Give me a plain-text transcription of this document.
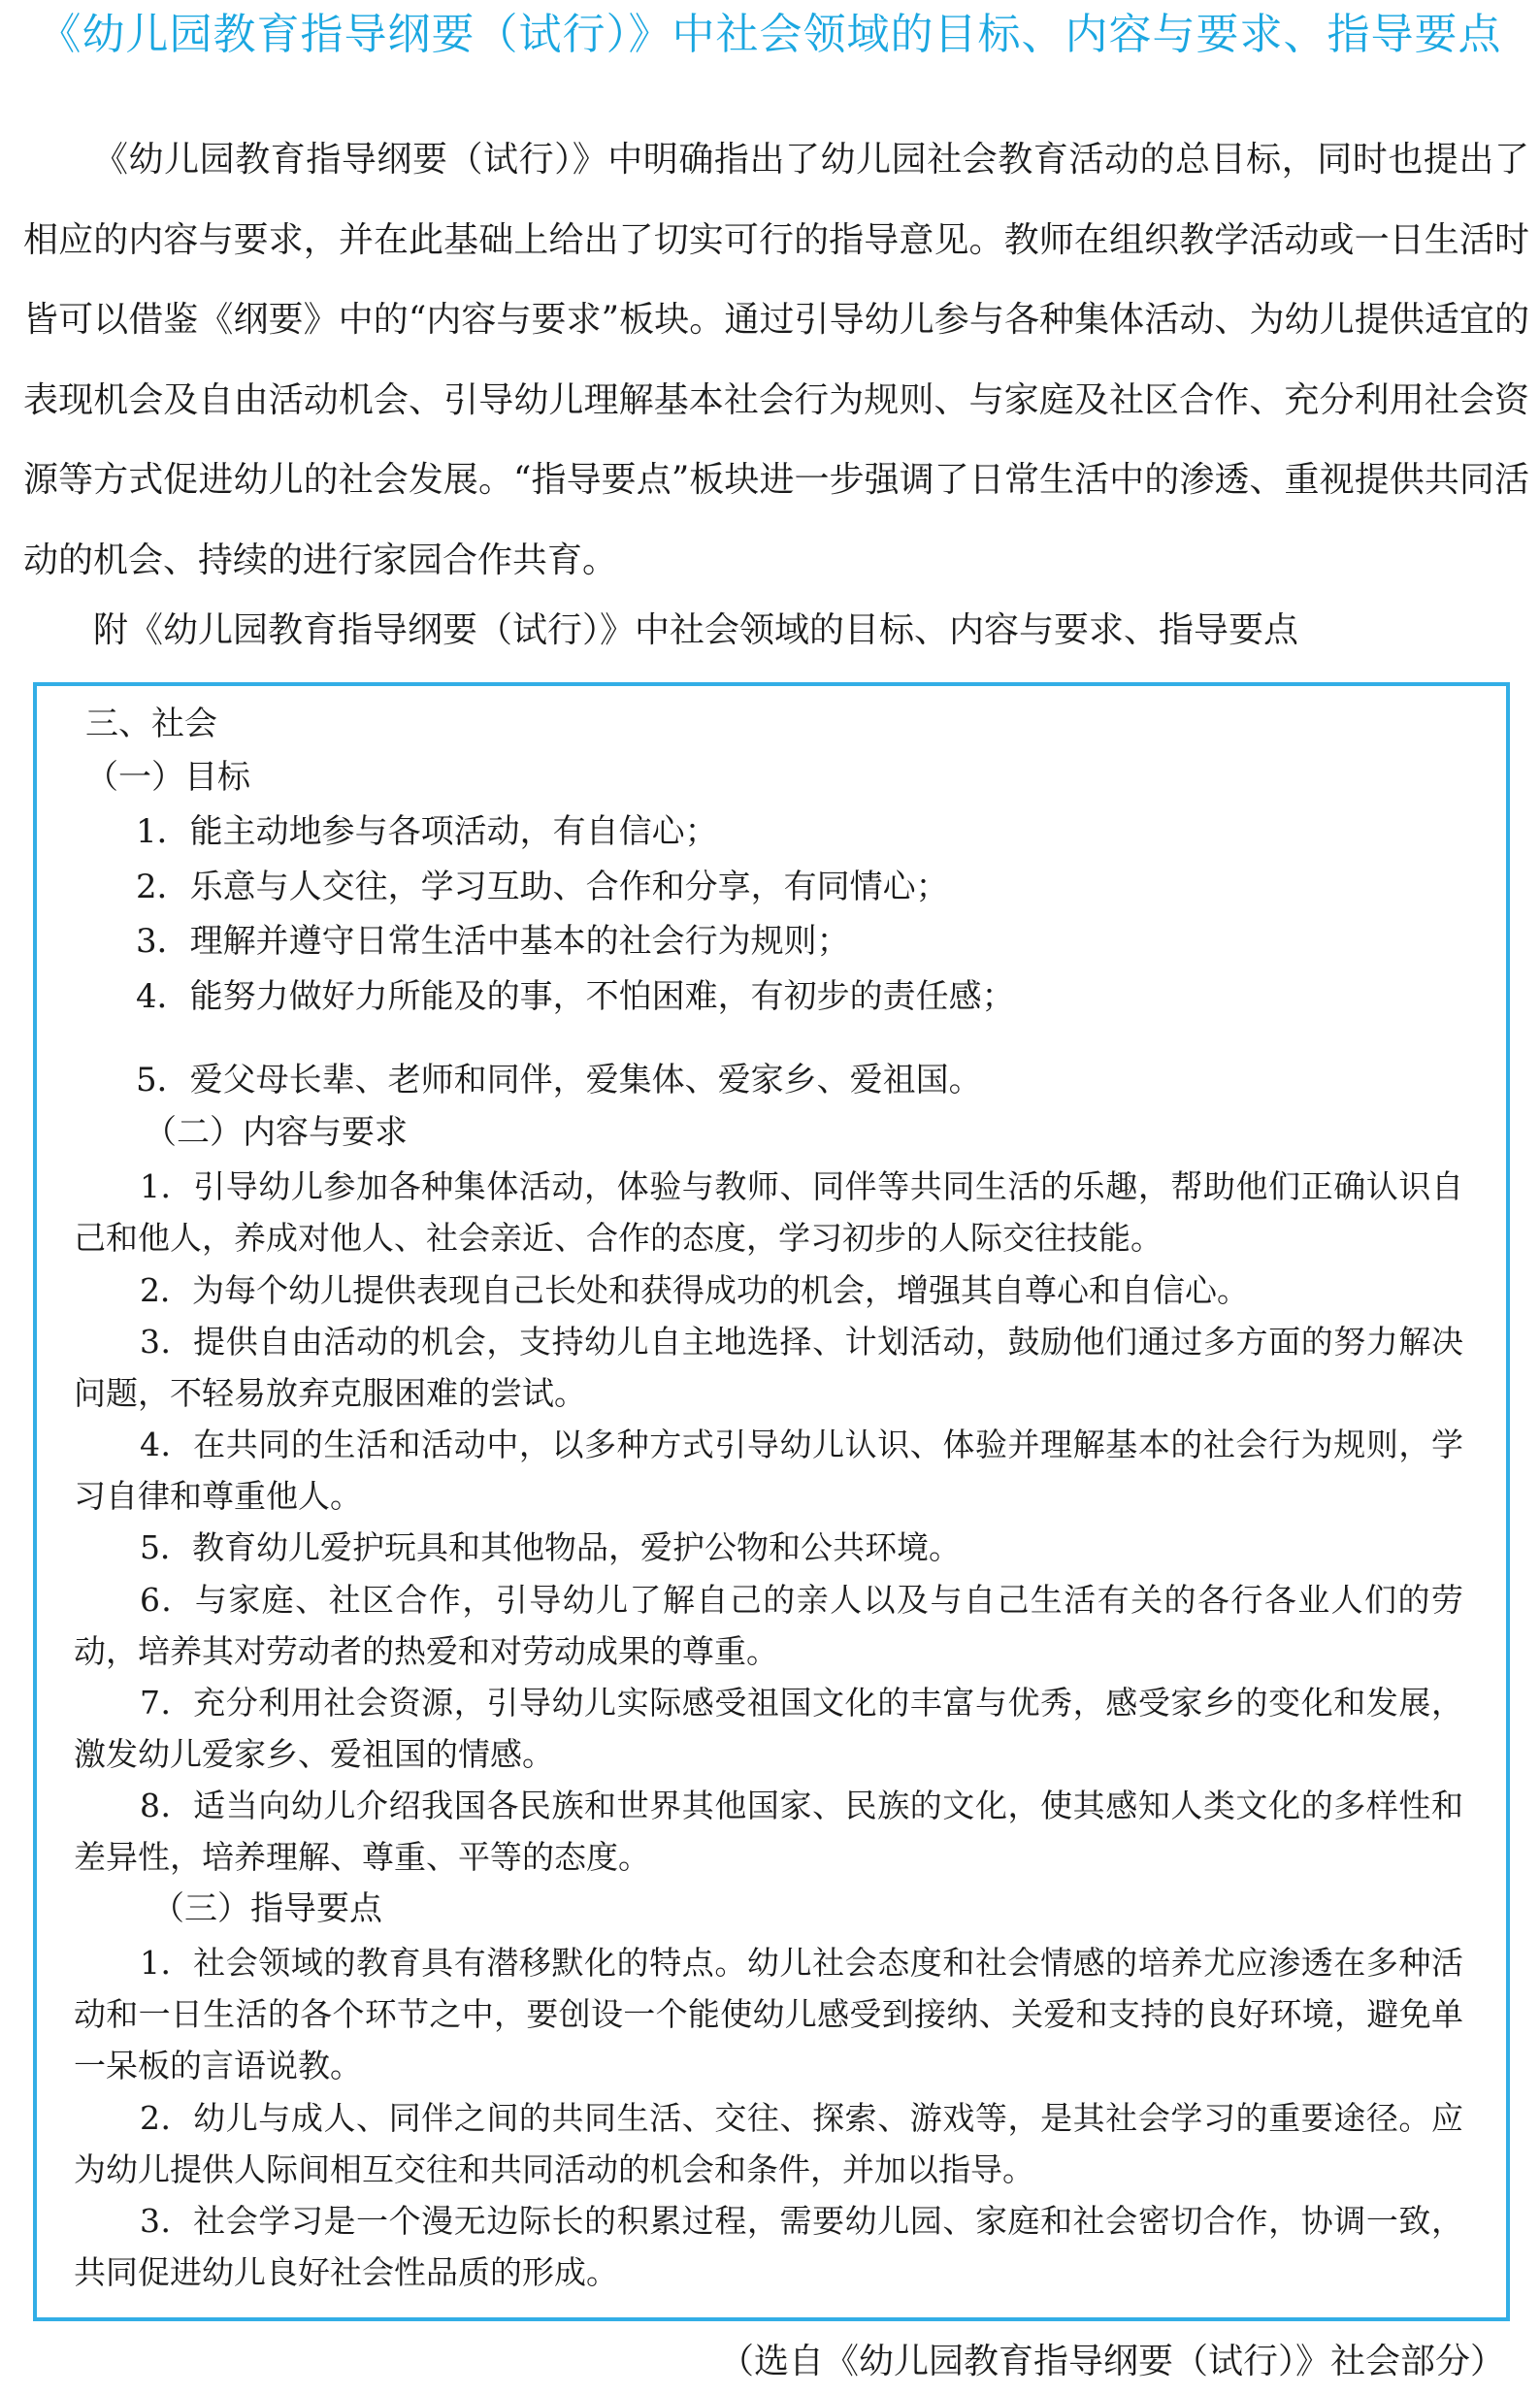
《幼儿园教育指导纲要（试行）》中社会领域的目标、内容与要求、指导要点

《幼儿园教育指导纲要（试行）》中明确指出了幼儿园社会教育活动的总目标，同时也提出了相应的内容与要求，并在此基础上给出了切实可行的指导意见。教师在组织教学活动或一日生活时皆可以借鉴《纲要》中的“内容与要求”板块。通过引导幼儿参与各种集体活动、为幼儿提供适宜的表现机会及自由活动机会、引导幼儿理解基本社会行为规则、与家庭及社区合作、充分利用社会资源等方式促进幼儿的社会发展。“指导要点”板块进一步强调了日常生活中的渗透、重视提供共同活动的机会、持续的进行家园合作共育。

附《幼儿园教育指导纲要（试行）》中社会领域的目标、内容与要求、指导要点
三、社会
（一）目标
1．能主动地参与各项活动，有自信心；
2．乐意与人交往，学习互助、合作和分享，有同情心；
3．理解并遵守日常生活中基本的社会行为规则；
4．能努力做好力所能及的事，不怕困难，有初步的责任感；
5．爱父母长辈、老师和同伴，爱集体、爱家乡、爱祖国。
（二）内容与要求

1．引导幼儿参加各种集体活动，体验与教师、同伴等共同生活的乐趣，帮助他们正确认识自己和他人，养成对他人、社会亲近、合作的态度，学习初步的人际交往技能。

2．为每个幼儿提供表现自己长处和获得成功的机会，增强其自尊心和自信心。

3．提供自由活动的机会，支持幼儿自主地选择、计划活动，鼓励他们通过多方面的努力解决问题，不轻易放弃克服困难的尝试。

4．在共同的生活和活动中，以多种方式引导幼儿认识、体验并理解基本的社会行为规则，学习自律和尊重他人。

5．教育幼儿爱护玩具和其他物品，爱护公物和公共环境。

6．与家庭、社区合作，引导幼儿了解自己的亲人以及与自己生活有关的各行各业人们的劳动，培养其对劳动者的热爱和对劳动成果的尊重。

7．充分利用社会资源，引导幼儿实际感受祖国文化的丰富与优秀，感受家乡的变化和发展，激发幼儿爱家乡、爱祖国的情感。

8．适当向幼儿介绍我国各民族和世界其他国家、民族的文化，使其感知人类文化的多样性和差异性，培养理解、尊重、平等的态度。

（三）指导要点

1．社会领域的教育具有潜移默化的特点。幼儿社会态度和社会情感的培养尤应渗透在多种活动和一日生活的各个环节之中，要创设一个能使幼儿感受到接纳、关爱和支持的良好环境，避免单一呆板的言语说教。

2．幼儿与成人、同伴之间的共同生活、交往、探索、游戏等，是其社会学习的重要途径。应为幼儿提供人际间相互交往和共同活动的机会和条件，并加以指导。

3．社会学习是一个漫无边际长的积累过程，需要幼儿园、家庭和社会密切合作，协调一致，共同促进幼儿良好社会性品质的形成。

（选自《幼儿园教育指导纲要（试行）》社会部分）
